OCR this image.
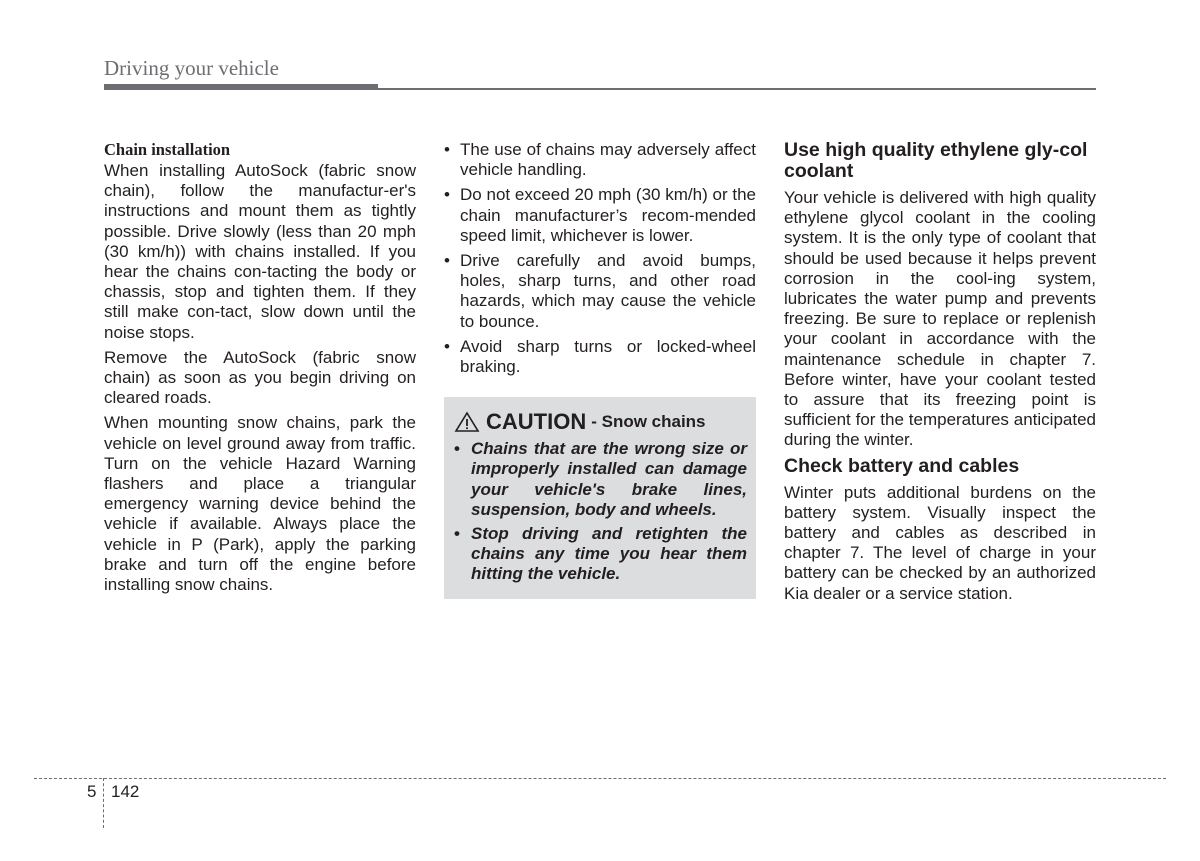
Driving your vehicle
Chain installation

When installing AutoSock (fabric snow chain), follow the manufactur-er's instructions and mount them as tightly possible. Drive slowly (less than 20 mph (30 km/h)) with chains installed. If you hear the chains con-tacting the body or chassis, stop and tighten them. If they still make con-tact, slow down until the noise stops.

Remove the AutoSock (fabric snow chain) as soon as you begin driving on cleared roads.

When mounting snow chains, park the vehicle on level ground away from traffic. Turn on the vehicle Hazard Warning flashers and place a triangular emergency warning device behind the vehicle if available. Always place the vehicle in P (Park), apply the parking brake and turn off the engine before installing snow chains.

• The use of chains may adversely affect vehicle handling.
• Do not exceed 20 mph (30 km/h) or the chain manufacturer’s recom-mended speed limit, whichever is lower.
• Drive carefully and avoid bumps, holes, sharp turns, and other road hazards, which may cause the vehicle to bounce.
• Avoid sharp turns or locked-wheel braking.
CAUTION - Snow chains
• Chains that are the wrong size or improperly installed can damage your vehicle's brake lines, suspension, body and wheels.
• Stop driving and retighten the chains any time you hear them hitting the vehicle.
Use high quality ethylene gly-col coolant

Your vehicle is delivered with high quality ethylene glycol coolant in the cooling system. It is the only type of coolant that should be used because it helps prevent corrosion in the cool-ing system, lubricates the water pump and prevents freezing. Be sure to replace or replenish your coolant in accordance with the maintenance schedule in chapter 7. Before winter, have your coolant tested to assure that its freezing point is sufficient for the temperatures anticipated during the winter.

Check battery and cables

Winter puts additional burdens on the battery system. Visually inspect the battery and cables as described in chapter 7. The level of charge in your battery can be checked by an authorized Kia dealer or a service station.

5 142
